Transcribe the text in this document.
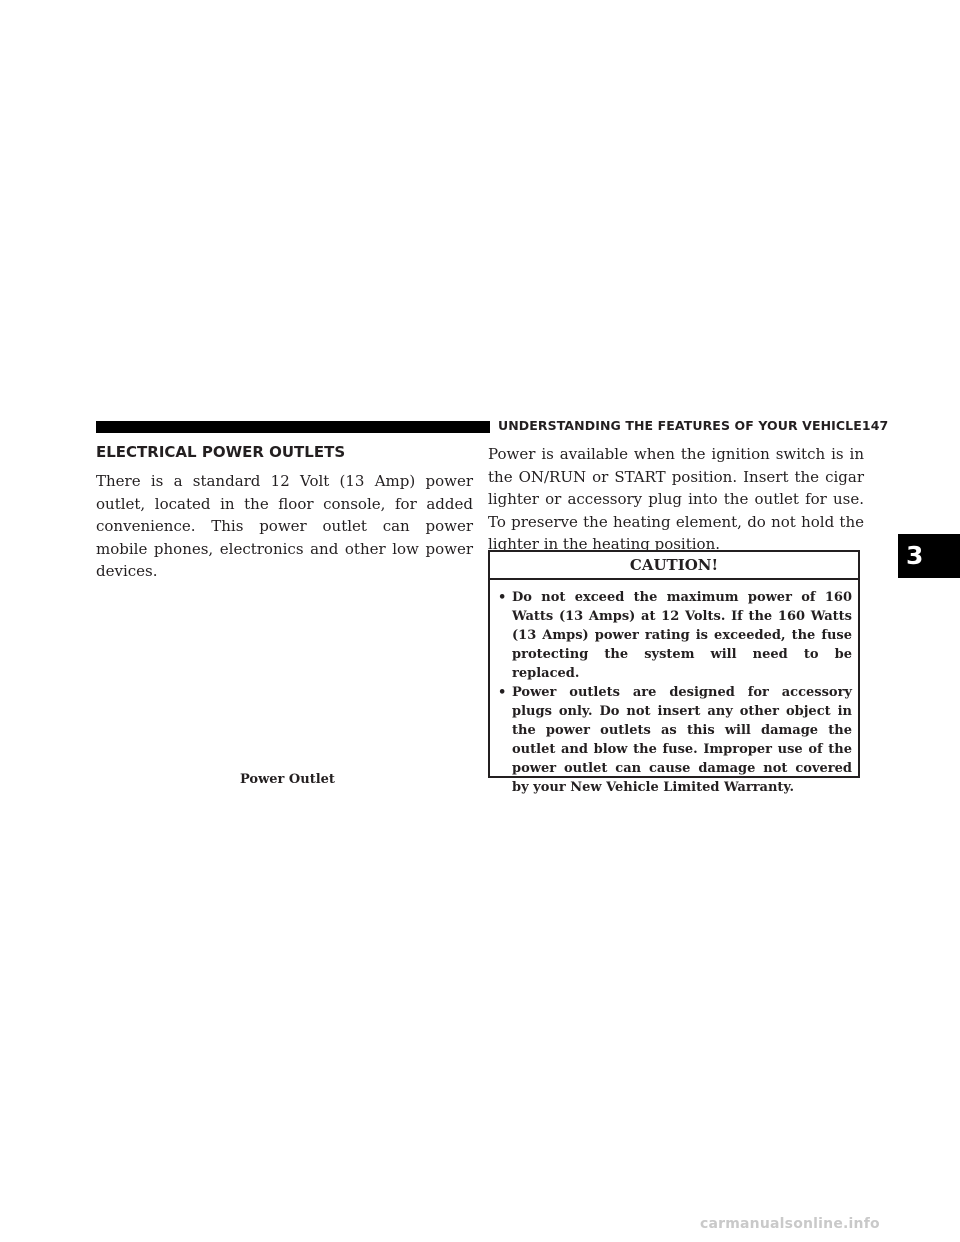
UNDERSTANDING THE FEATURES OF YOUR VEHICLE 147
ELECTRICAL POWER OUTLETS

There is a standard 12 Volt (13 Amp) power outlet, located in the floor console, for added convenience. This power outlet can power mobile phones, electronics and other low power devices.

Power Outlet

Power is available when the ignition switch is in the ON/RUN or START position. Insert the cigar lighter or accessory plug into the outlet for use. To preserve the heating element, do not hold the lighter in the heating position.

CAUTION!
• Do not exceed the maximum power of 160 Watts (13 Amps) at 12 Volts. If the 160 Watts (13 Amps) power rating is exceeded, the fuse protecting the system will need to be replaced.
• Power outlets are designed for accessory plugs only. Do not insert any other object in the power outlets as this will damage the outlet and blow the fuse. Improper use of the power outlet can cause damage not covered by your New Vehicle Limited Warranty.
3
carmanualsonline.info
